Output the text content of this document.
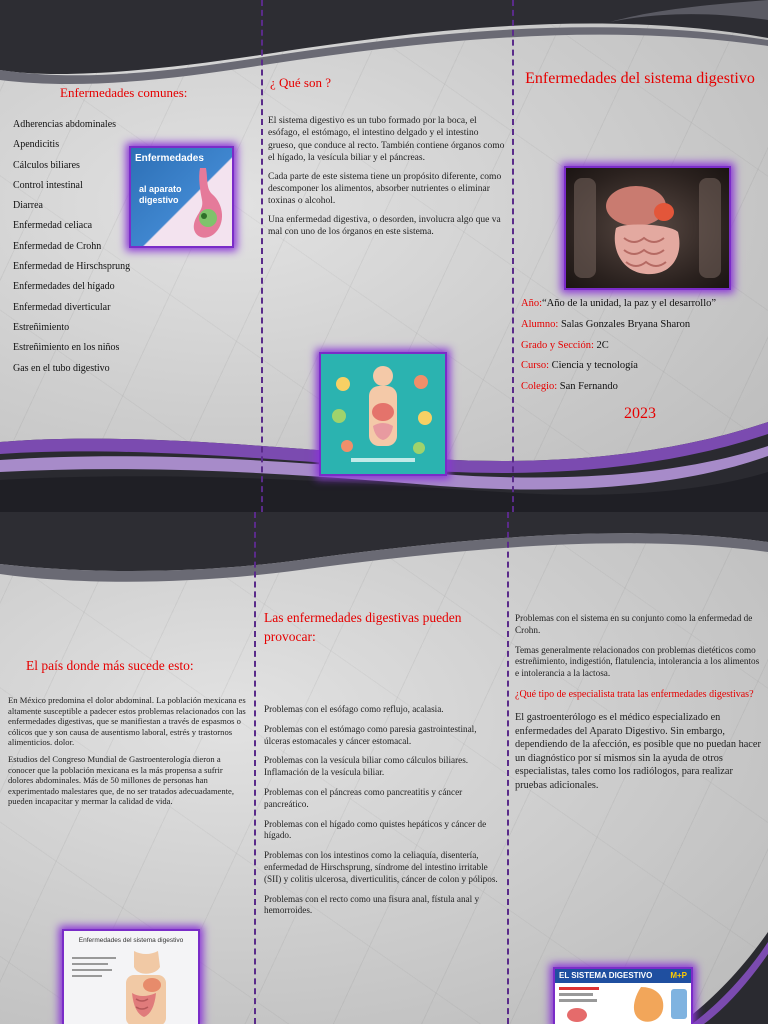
Enfermedades comunes:
Adherencias abdominales
Apendicitis
Cálculos biliares
Control intestinal
Diarrea
Enfermedad celiaca
Enfermedad de Crohn
Enfermedad de Hirschsprung
Enfermedades del hígado
Enfermedad diverticular
Estreñimiento
Estreñimiento en los niños
Gas en el tubo digestivo
Enfermedades
al aparato digestivo
¿ Qué son ?

El sistema digestivo es un tubo formado por la boca, el esófago, el estómago, el intestino delgado y el intestino grueso, que conduce al recto. También contiene órganos como el hígado, la vesícula biliar y el páncreas.

Cada parte de este sistema tiene un propósito diferente, como descomponer los alimentos, absorber nutrientes o eliminar toxinas o alcohol.

Una enfermedad digestiva, o desorden, involucra algo que va mal con uno de los órganos en este sistema.

Enfermedades del sistema digestivo
Año:“Año de la unidad, la paz y el desarrollo”
Alumno: Salas Gonzales Bryana Sharon
Grado y Sección: 2C
Curso: Ciencia y tecnología
Colegio: San Fernando
2023
El país donde más sucede esto:

En México predomina el dolor abdominal. La población mexicana es altamente susceptible a padecer estos problemas relacionados con las enfermedades digestivas, que se manifiestan a través de espasmos o cólicos que y son causa de ausentismo laboral, estrés y trastornos alimenticios. dolor.

Estudios del Congreso Mundial de Gastroenterología dieron a conocer que la población mexicana es la más propensa a sufrir dolores abdominales. Más de 50 millones de personas han experimentado malestares que, de no ser tratados adecuadamente, pueden incapacitar y mermar la calidad de vida.

Enfermedades del sistema digestivo
Las enfermedades digestivas pueden provocar:

Problemas con el esófago como reflujo, acalasia.

Problemas con el estómago como paresia gastrointestinal, úlceras estomacales y cáncer estomacal.

Problemas con la vesícula biliar como cálculos biliares. Inflamación de la vesícula biliar.

Problemas con el páncreas como pancreatitis y cáncer pancreático.

Problemas con el hígado como quistes hepáticos y cáncer de hígado.

Problemas con los intestinos como la celiaquía, disentería, enfermedad de Hirschsprung, síndrome del intestino irritable (SII) y colitis ulcerosa, diverticulitis, cáncer de colon y pólipos.

Problemas con el recto como una fisura anal, fístula anal y hemorroides.

Problemas con el sistema en su conjunto como la enfermedad de Crohn.

Temas generalmente relacionados con problemas dietéticos como estreñimiento, indigestión, flatulencia, intolerancia a los alimentos e intolerancia a la lactosa.

¿Qué tipo de especialista trata las enfermedades digestivas?

El gastroenterólogo es el médico especializado en enfermedades del Aparato Digestivo. Sin embargo, dependiendo de la afección, es posible que no puedan hacer un diagnóstico por sí mismos sin la ayuda de otros especialistas, tales como los radiólogos, para realizar pruebas adicionales.

EL SISTEMA DIGESTIVO M+P
